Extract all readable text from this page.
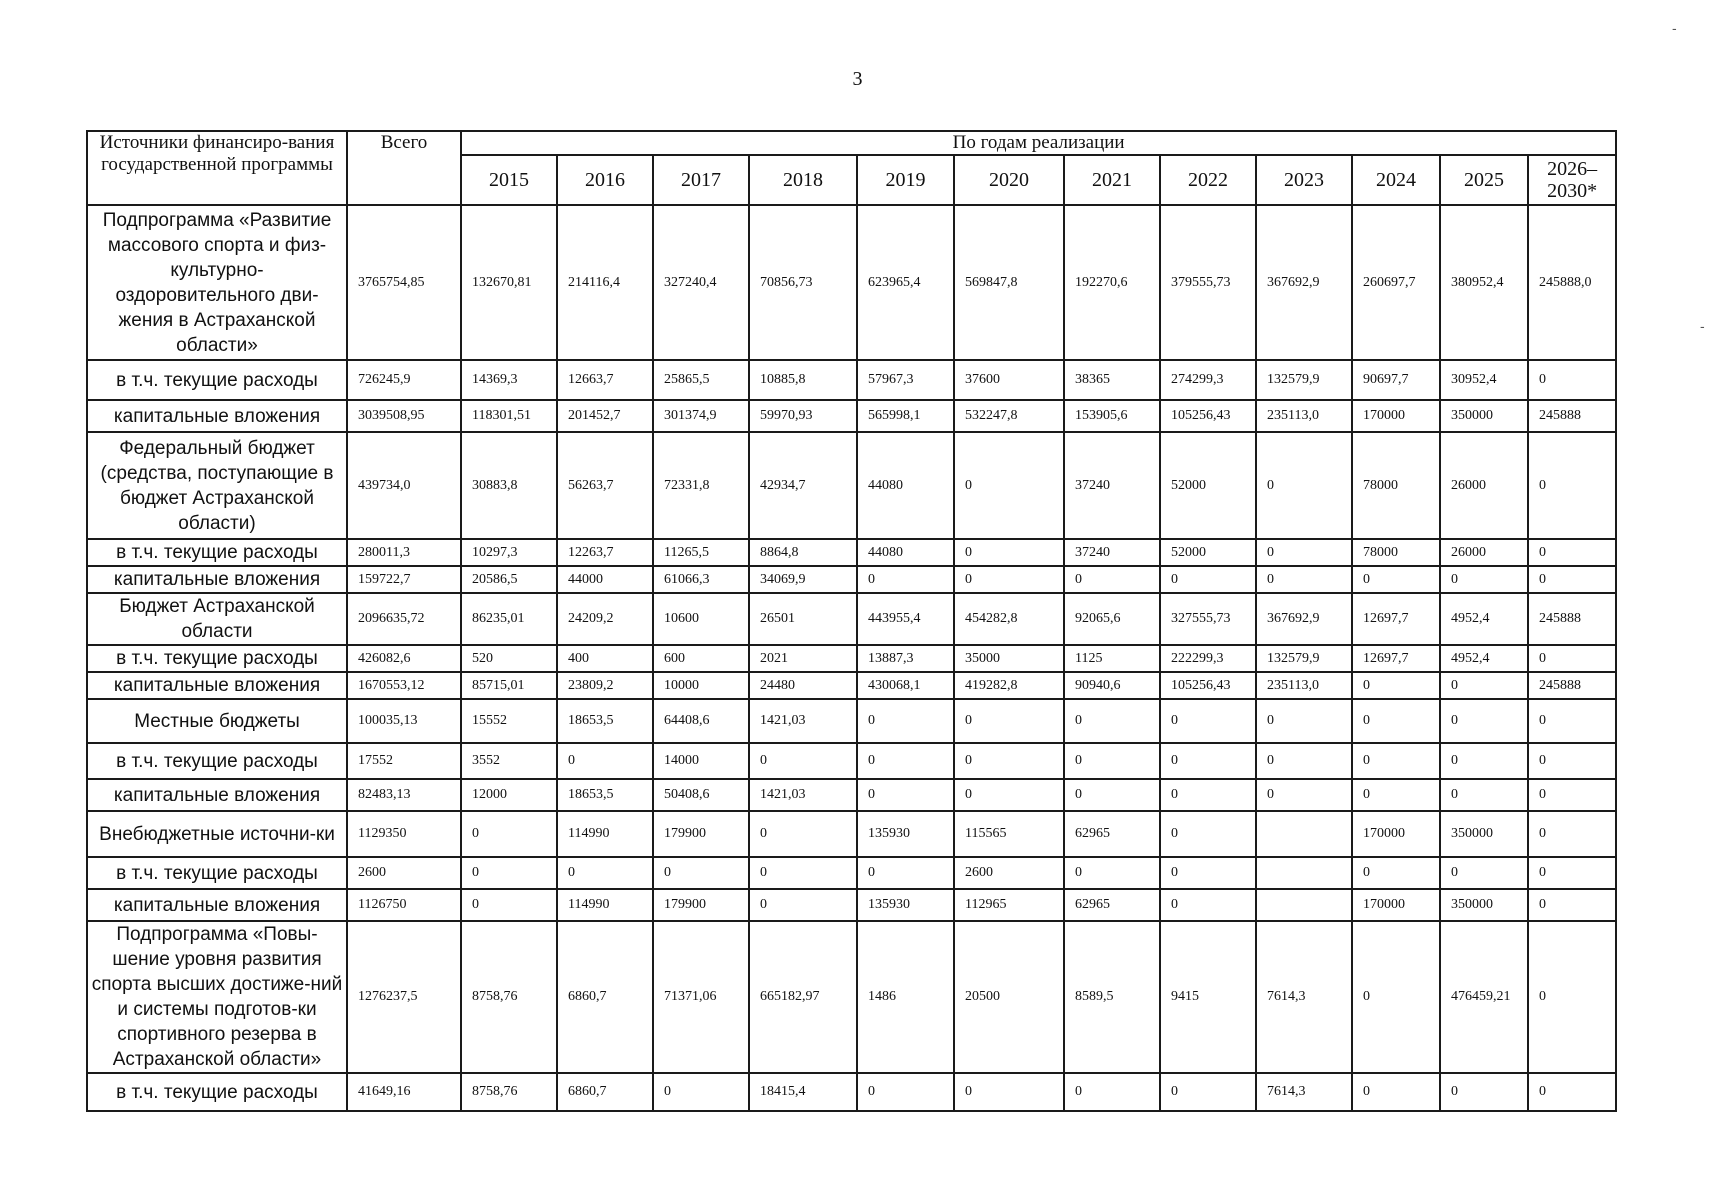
3
-
-
Источники финансиро-вания государственной программы	Всего	По годам реализации											
		2015	2016	2017	2018	2019	2020	2021	2022	2023	2024	2025	2026–2030*
Подпрограмма «Развитие массового спорта и физ-культурно-оздоровительного дви-жения в Астраханской области»	3765754,85	132670,81	214116,4	327240,4	70856,73	623965,4	569847,8	192270,6	379555,73	367692,9	260697,7	380952,4	245888,0
в т.ч. текущие расходы	726245,9	14369,3	12663,7	25865,5	10885,8	57967,3	37600	38365	274299,3	132579,9	90697,7	30952,4	0
капитальные вложения	3039508,95	118301,51	201452,7	301374,9	59970,93	565998,1	532247,8	153905,6	105256,43	235113,0	170000	350000	245888
Федеральный бюджет (средства, поступающие в бюджет Астраханской области)	439734,0	30883,8	56263,7	72331,8	42934,7	44080	0	37240	52000	0	78000	26000	0
в т.ч. текущие расходы	280011,3	10297,3	12263,7	11265,5	8864,8	44080	0	37240	52000	0	78000	26000	0
капитальные вложения	159722,7	20586,5	44000	61066,3	34069,9	0	0	0	0	0	0	0	0
Бюджет Астраханской области	2096635,72	86235,01	24209,2	10600	26501	443955,4	454282,8	92065,6	327555,73	367692,9	12697,7	4952,4	245888
в т.ч. текущие расходы	426082,6	520	400	600	2021	13887,3	35000	1125	222299,3	132579,9	12697,7	4952,4	0
капитальные вложения	1670553,12	85715,01	23809,2	10000	24480	430068,1	419282,8	90940,6	105256,43	235113,0	0	0	245888
Местные бюджеты	100035,13	15552	18653,5	64408,6	1421,03	0	0	0	0	0	0	0	0
в т.ч. текущие расходы	17552	3552	0	14000	0	0	0	0	0	0	0	0	0
капитальные вложения	82483,13	12000	18653,5	50408,6	1421,03	0	0	0	0	0	0	0	0
Внебюджетные источни-ки	1129350	0	114990	179900	0	135930	115565	62965	0		170000	350000	0
в т.ч. текущие расходы	2600	0	0	0	0	0	2600	0	0		0	0	0
капитальные вложения	1126750	0	114990	179900	0	135930	112965	62965	0		170000	350000	0
Подпрограмма «Повы-шение уровня развития спорта высших достиже-ний и системы подготов-ки спортивного резерва в Астраханской области»	1276237,5	8758,76	6860,7	71371,06	665182,97	1486	20500	8589,5	9415	7614,3	0	476459,21	0
в т.ч. текущие расходы	41649,16	8758,76	6860,7	0	18415,4	0	0	0	0	7614,3	0	0	0
